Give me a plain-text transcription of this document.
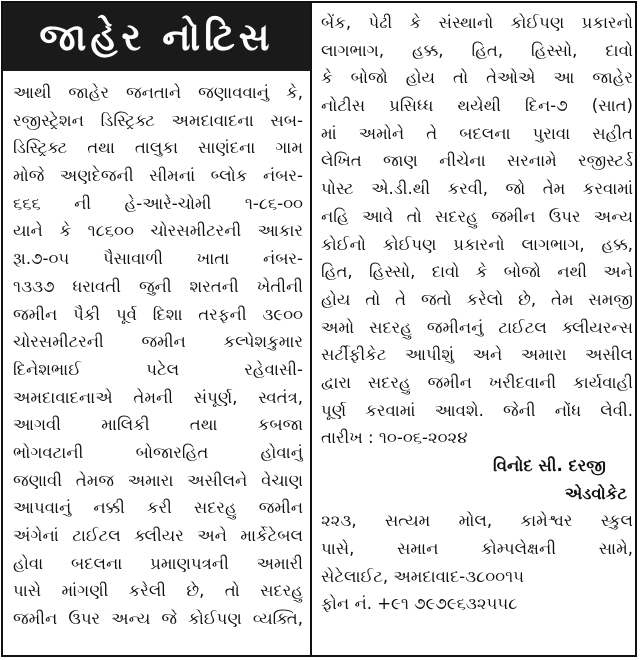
જાહેર નોટિસ
આથી જાહેર જનતાને જણાવવાનું કે,
રજીસ્ટ્રેશન ડિસ્ટ્રિક્ટ અમદાવાદના સબ-
ડિસ્ટ્રિક્ટ તથા તાલુકા સાણંદના ગામ
મોજે અણદેજની સીમનાં બ્લોક નંબર-
૬૬૬ ની હે-આરે-ચોમી ૧-૮૬-૦૦
યાને કે ૧૮૬૦૦ ચોરસમીટરની આકાર
રૂા.૭-૦૫ પૈસાવાળી ખાતા નંબર-
૧૩૩૭ ધરાવતી જુની શરતની ખેતીની
જમીન પૈકી પૂર્વ દિશા તરફની ૩૯૦૦
ચોરસમીટરની જમીન કલ્પેશકુમાર
દિનેશભાઈ પટેલ રહેવાસી-
અમદાવાદનાએ તેમની સંપૂર્ણ, સ્વતંત્ર,
આગવી માલિકી તથા કબજા
ભોગવટાની બોજારહિત હોવાનું
જણાવી તેમજ અમારા અસીલને વેચાણ
આપવાનું નક્કી કરી સદરહુ જમીન
અંગેનાં ટાઈટલ ક્લીયર અને માર્કેટેબલ
હોવા બદલના પ્રમાણપત્રની અમારી
પાસે માંગણી કરેલી છે, તો સદરહુ
જમીન ઉપર અન્ય જે કોઈપણ વ્યક્તિ,
બેંક, પેઢી કે સંસ્થાનો કોઈપણ પ્રકારનો
લાગભાગ, હક્ક, હિત, હિસ્સો, દાવો
કે બોજો હોય તો તેઓએ આ જાહેર
નોટીસ પ્રસિધ્ધ થયેથી દિન-૭ (સાત)
માં અમોને તે બદલના પુરાવા સહીત
લેખિત જાણ નીચેના સરનામે રજીસ્ટર્ડ
પોસ્ટ એ.ડી.થી કરવી, જો તેમ કરવામાં
નહિ આવે તો સદરહુ જમીન ઉપર અન્ય
કોઈનો કોઈપણ પ્રકારનો લાગભાગ, હક્ક,
હિત, હિસ્સો, દાવો કે બોજો નથી અને
હોય તો તે જતો કરેલો છે, તેમ સમજી
અમો સદરહુ જમીનનું ટાઈટલ ક્લીયરન્સ
સર્ટીફીકેટ આપીશું અને અમારા અસીલ
દ્વારા સદરહુ જમીન ખરીદવાની કાર્યવાહી
પૂર્ણ કરવામાં આવશે. જેની નોંધ લેવી.
તારીખ : ૧૦-૦૬-૨૦૨૪
વિનોદ સી. દરજી
એડવોકેટ
૨૨૩, સત્યમ મોલ, કામેશ્વર સ્કુલ
પાસે, સમાન કોમ્પલેક્ષની સામે,
સેટેલાઈટ, અમદાવાદ-૩૮૦૦૧૫
ફોન નં. +૯૧ ૭૯૭૯૬૩૨૫૫૮
